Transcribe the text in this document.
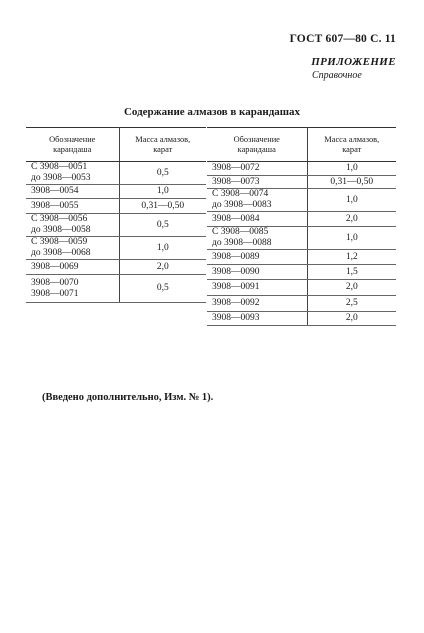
ГОСТ 607—80 С. 11
ПРИЛОЖЕНИЕ
Справочное
Содержание алмазов в карандашах
Обозначение
карандаша	Масса алмазов,
карат
С 3908—0051
до 3908—0053	0,5
3908—0054	1,0
3908—0055	0,31—0,50
С 3908—0056
до 3908—0058	0,5
С 3908—0059
до 3908—0068	1,0
3908—0069	2,0
3908—0070
3908—0071	0,5
Обозначение
карандаша	Масса алмазов,
карат
3908—0072	1,0
3908—0073	0,31—0,50
С 3908—0074
до 3908—0083	1,0
3908—0084	2,0
С 3908—0085
до 3908—0088	1,0
3908—0089	1,2
3908—0090	1,5
3908—0091	2,0
3908—0092	2,5
3908—0093	2,0
(Введено дополнительно, Изм. № 1).
